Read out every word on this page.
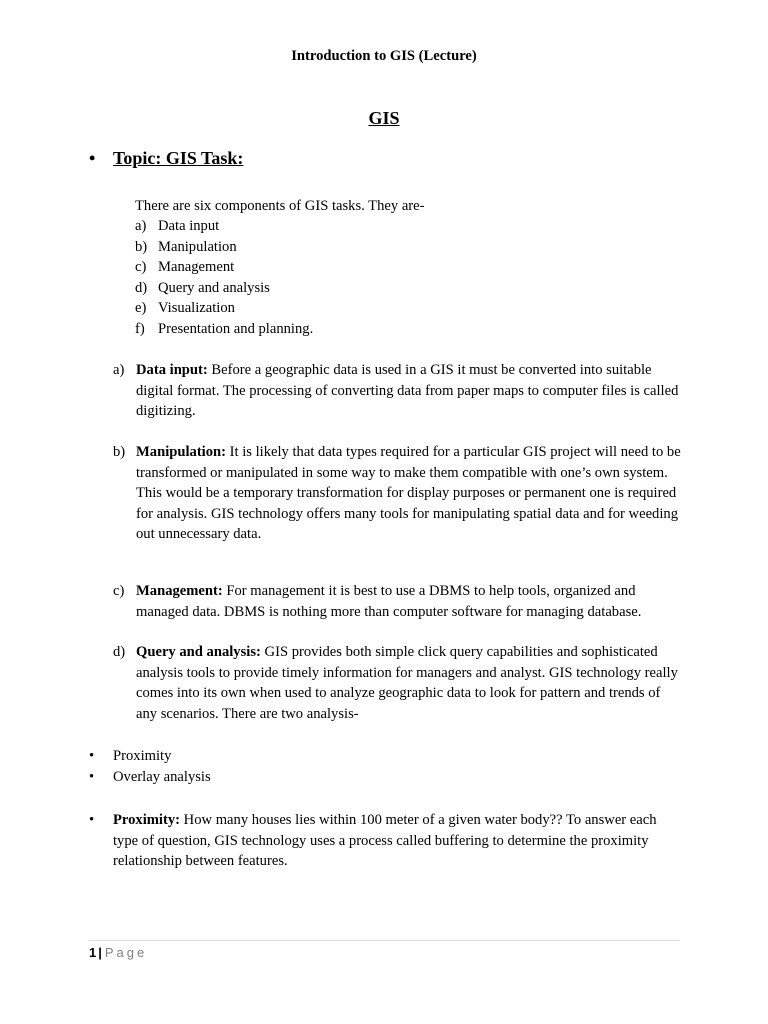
Introduction to GIS (Lecture)
GIS
• Topic: GIS Task:
There are six components of GIS tasks. They are-
a) Data input
b) Manipulation
c) Management
d) Query and analysis
e) Visualization
f) Presentation and planning.
a) Data input: Before a geographic data is used in a GIS it must be converted into suitable digital format. The processing of converting data from paper maps to computer files is called digitizing.
b) Manipulation: It is likely that data types required for a particular GIS project will need to be transformed or manipulated in some way to make them compatible with one’s own system. This would be a temporary transformation for display purposes or permanent one is required for analysis. GIS technology offers many tools for manipulating spatial data and for weeding out unnecessary data.
c) Management: For management it is best to use a DBMS to help tools, organized and managed data. DBMS is nothing more than computer software for managing database.
d) Query and analysis: GIS provides both simple click query capabilities and sophisticated analysis tools to provide timely information for managers and analyst. GIS technology really comes into its own when used to analyze geographic data to look for pattern and trends of any scenarios. There are two analysis-
• Proximity
• Overlay analysis
• Proximity: How many houses lies within 100 meter of a given water body?? To answer each type of question, GIS technology uses a process called buffering to determine the proximity relationship between features.
1 | Page
